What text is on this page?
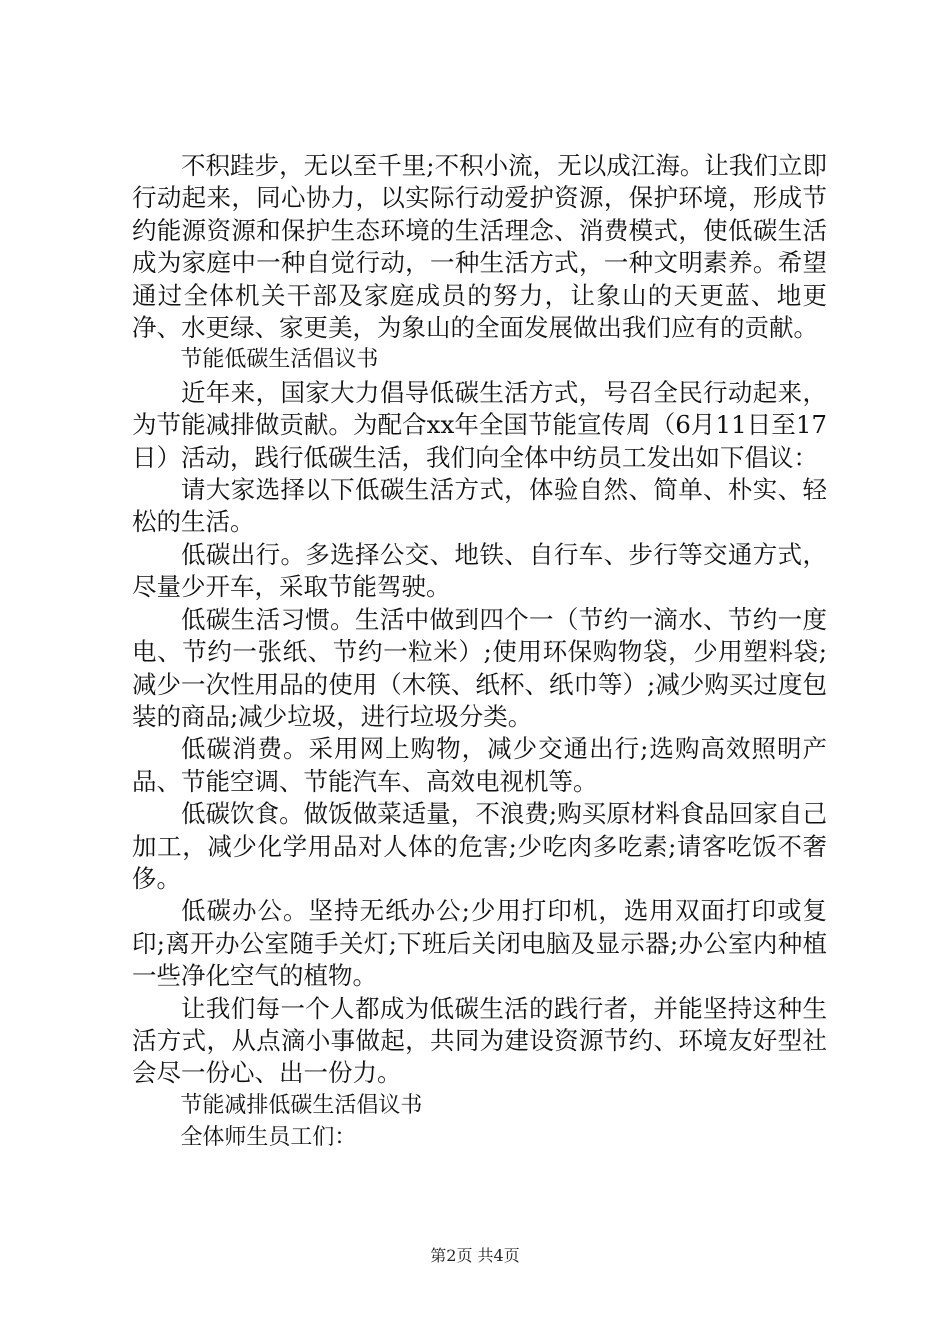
不积跬步，无以至千里;不积小流，无以成江海。让我们立即行动起来，同心协力，以实际行动爱护资源，保护环境，形成节约能源资源和保护生态环境的生活理念、消费模式，使低碳生活成为家庭中一种自觉行动，一种生活方式，一种文明素养。希望通过全体机关干部及家庭成员的努力，让象山的天更蓝、地更净、水更绿、家更美，为象山的全面发展做出我们应有的贡献。

节能低碳生活倡议书

近年来，国家大力倡导低碳生活方式，号召全民行动起来，为节能减排做贡献。为配合xx年全国节能宣传周（6月11日至17日）活动，践行低碳生活，我们向全体中纺员工发出如下倡议：

请大家选择以下低碳生活方式，体验自然、简单、朴实、轻松的生活。

低碳出行。多选择公交、地铁、自行车、步行等交通方式，尽量少开车，采取节能驾驶。

低碳生活习惯。生活中做到四个一（节约一滴水、节约一度电、节约一张纸、节约一粒米）;使用环保购物袋，少用塑料袋;减少一次性用品的使用（木筷、纸杯、纸巾等）;减少购买过度包装的商品;减少垃圾，进行垃圾分类。

低碳消费。采用网上购物，减少交通出行;选购高效照明产品、节能空调、节能汽车、高效电视机等。

低碳饮食。做饭做菜适量，不浪费;购买原材料食品回家自己加工，减少化学用品对人体的危害;少吃肉多吃素;请客吃饭不奢侈。

低碳办公。坚持无纸办公;少用打印机，选用双面打印或复印;离开办公室随手关灯;下班后关闭电脑及显示器;办公室内种植一些净化空气的植物。

让我们每一个人都成为低碳生活的践行者，并能坚持这种生活方式，从点滴小事做起，共同为建设资源节约、环境友好型社会尽一份心、出一份力。

节能减排低碳生活倡议书

全体师生员工们：

第2页 共4页
